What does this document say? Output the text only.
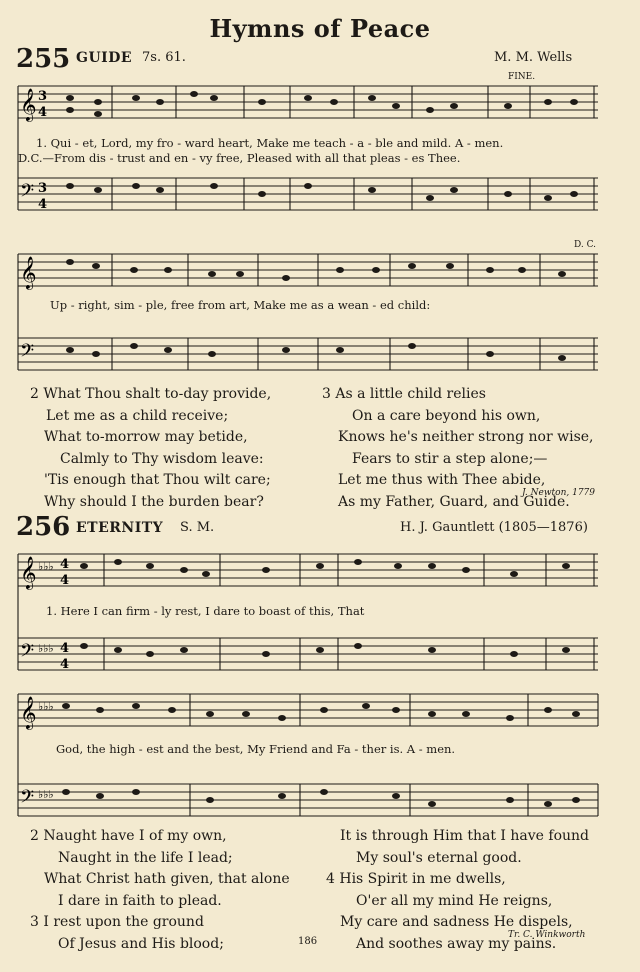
Hymns of Peace
255 GUIDE 7s. 61.	M. M. Wells
FINE.
D. C.
𝄞
𝄢
3
4
3
4
1. Qui - et, Lord, my fro - ward heart, Make me teach - a - ble and mild. A - men.
D.C.—From dis - trust and en - vy free, Pleased with all that pleas - es Thee.
𝄞
𝄢
Up - right, sim - ple, free from art, Make me as a wean - ed child:
2 What Thou shalt to-day provide,
Let me as a child receive;
What to-morrow may betide,
Calmly to Thy wisdom leave:
'Tis enough that Thou wilt care;
Why should I the burden bear?
3 As a little child relies
On a care beyond his own,
Knows he's neither strong nor wise,
Fears to stir a step alone;—
Let me thus with Thee abide,
As my Father, Guard, and Guide.
J. Newton, 1779
256 ETERNITY S. M.	H. J. Gauntlett (1805—1876)
𝄞
𝄢
♭♭♭
♭♭♭
4
4
4
4
1. Here I can firm - ly rest, I dare to boast of this, That
𝄞
𝄢
♭♭♭
♭♭♭
God, the high - est and the best, My Friend and Fa - ther is. A - men.
2 Naught have I of my own,
Naught in the life I lead;
What Christ hath given, that alone
I dare in faith to plead.
3 I rest upon the ground
Of Jesus and His blood;
It is through Him that I have found
My soul's eternal good.
4 His Spirit in me dwells,
O'er all my mind He reigns,
My care and sadness He dispels,
And soothes away my pains.
Tr. C. Winkworth
186
